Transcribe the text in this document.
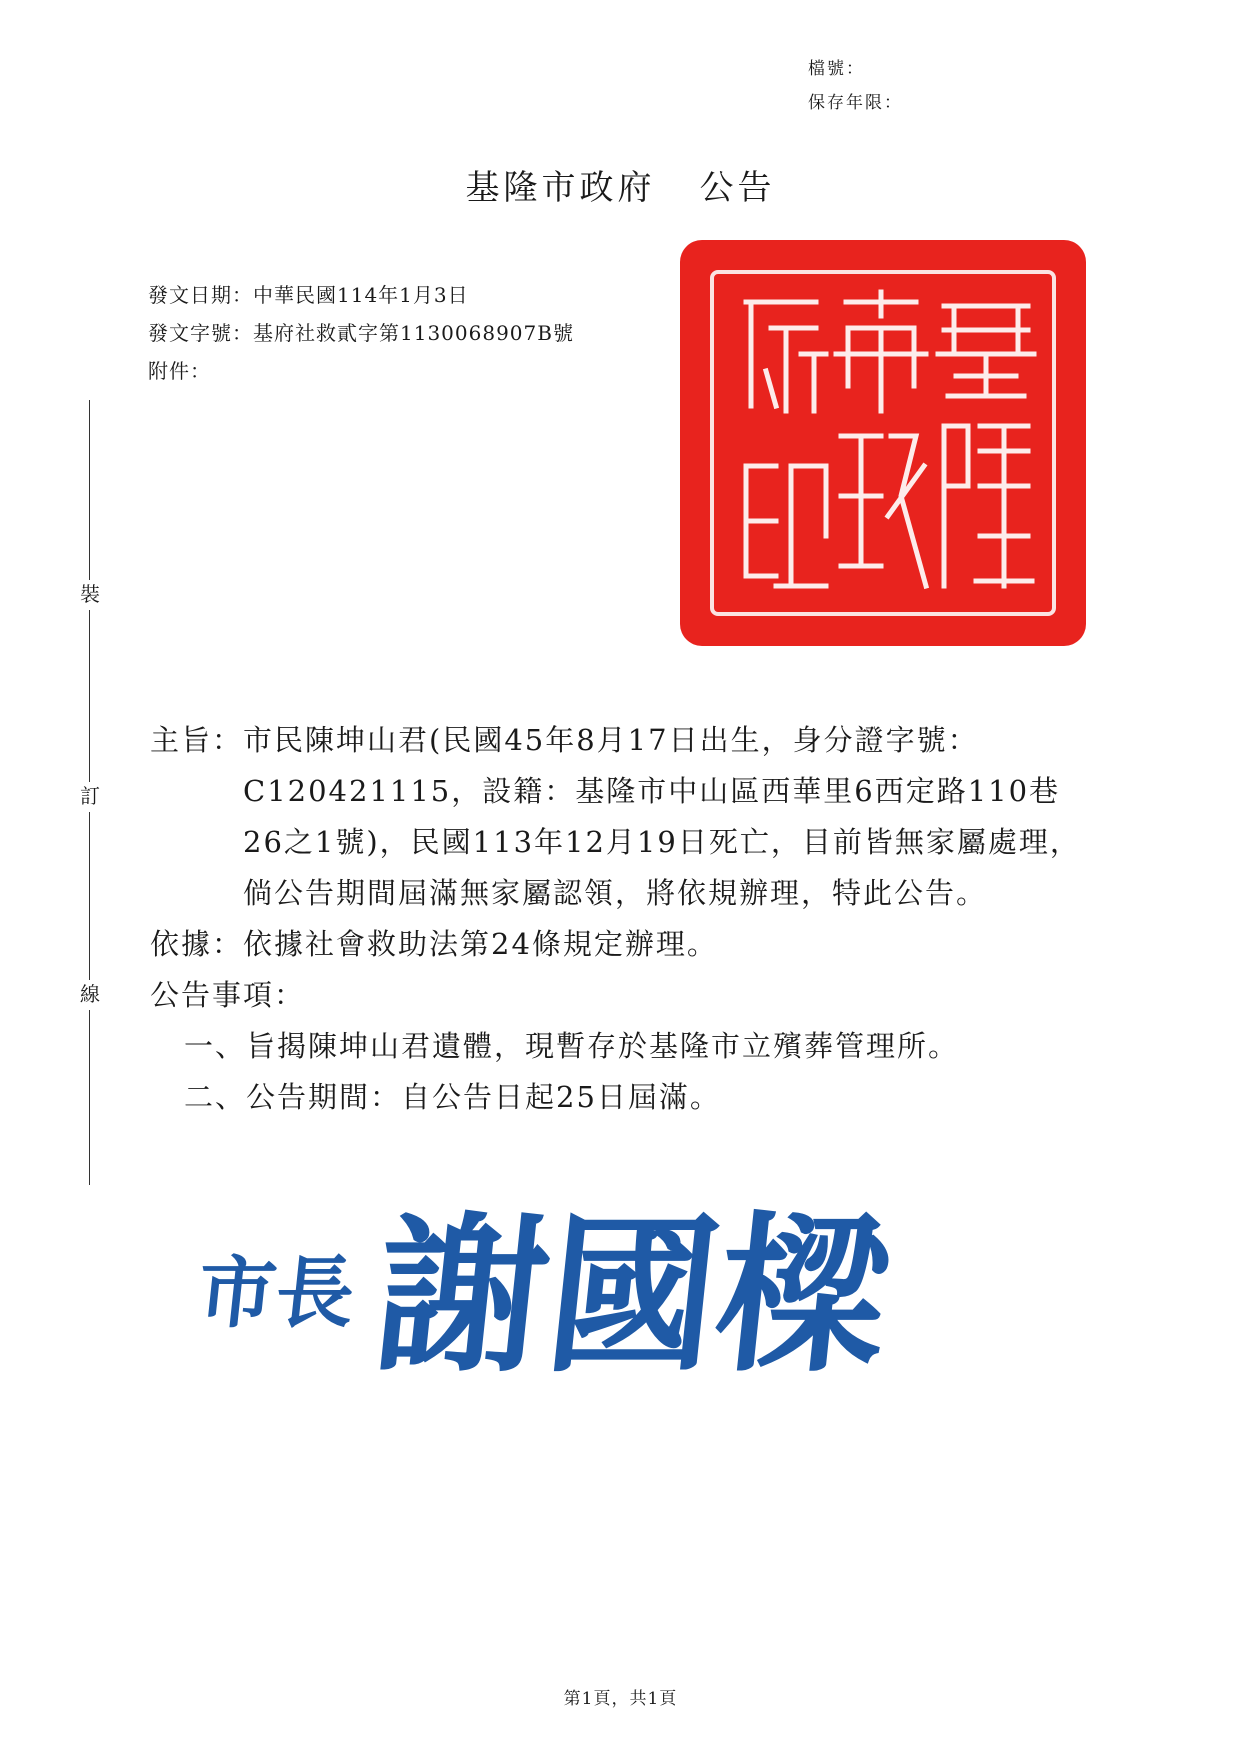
檔號：
保存年限：
基隆市政府 公告
發文日期：中華民國114年1月3日
發文字號：基府社救貳字第1130068907B號
附件：
裝
訂
線
主旨： 市民陳坤山君(民國45年8月17日出生，身分證字號：C120421115，設籍：基隆市中山區西華里6西定路110巷26之1號)，民國113年12月19日死亡，目前皆無家屬處理，倘公告期間屆滿無家屬認領，將依規辦理，特此公告。
依據： 依據社會救助法第24條規定辦理。
公告事項：
一、 旨揭陳坤山君遺體，現暫存於基隆市立殯葬管理所。
二、 公告期間：自公告日起25日屆滿。
市長 謝國樑
第1頁，共1頁
